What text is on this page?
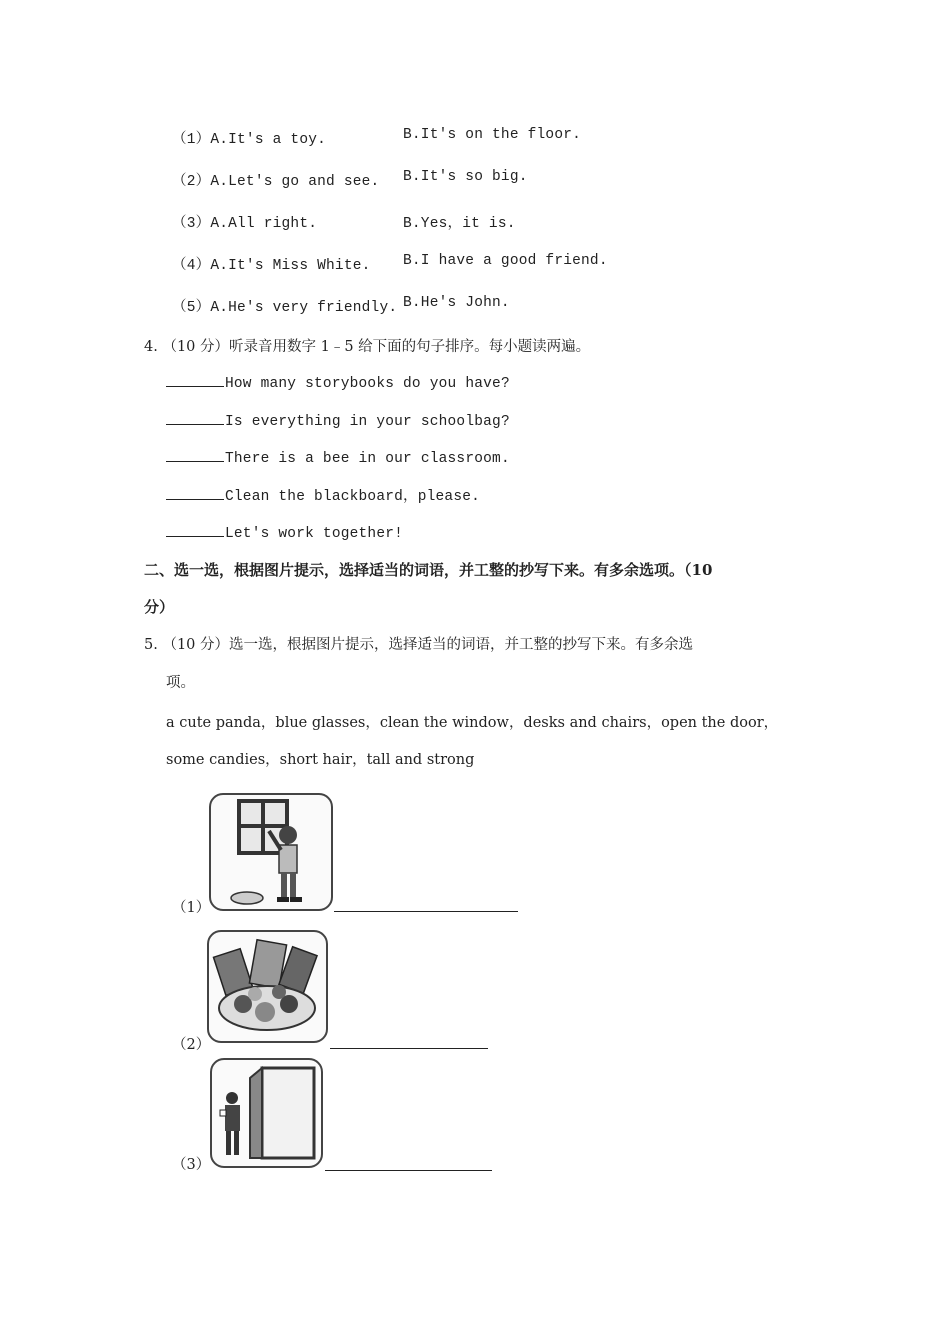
（1）A.It's a toy.	B.It's on the floor.
（2）A.Let's go and see. B.It's so big.
（3）A.All right.	B.Yes，it is.
（4）A.It's Miss White. B.I have a good friend.
（5）A.He's very friendly. B.He's John.
4. （10 分）听录音用数字 1﹣5 给下面的句子排序。每小题读两遍。
How many storybooks do you have?
Is everything in your schoolbag?
There is a bee in our classroom.
Clean the blackboard，please.
Let's work together!
二、选一选，根据图片提示，选择适当的词语，并工整的抄写下来。有多余选项。（10
分）
5. （10 分）选一选，根据图片提示，选择适当的词语，并工整的抄写下来。有多余选
项。
a cute panda，blue glasses，clean the window，desks and chairs，open the door，
some candies，short hair，tall and strong
（1）
（2）
（3）
